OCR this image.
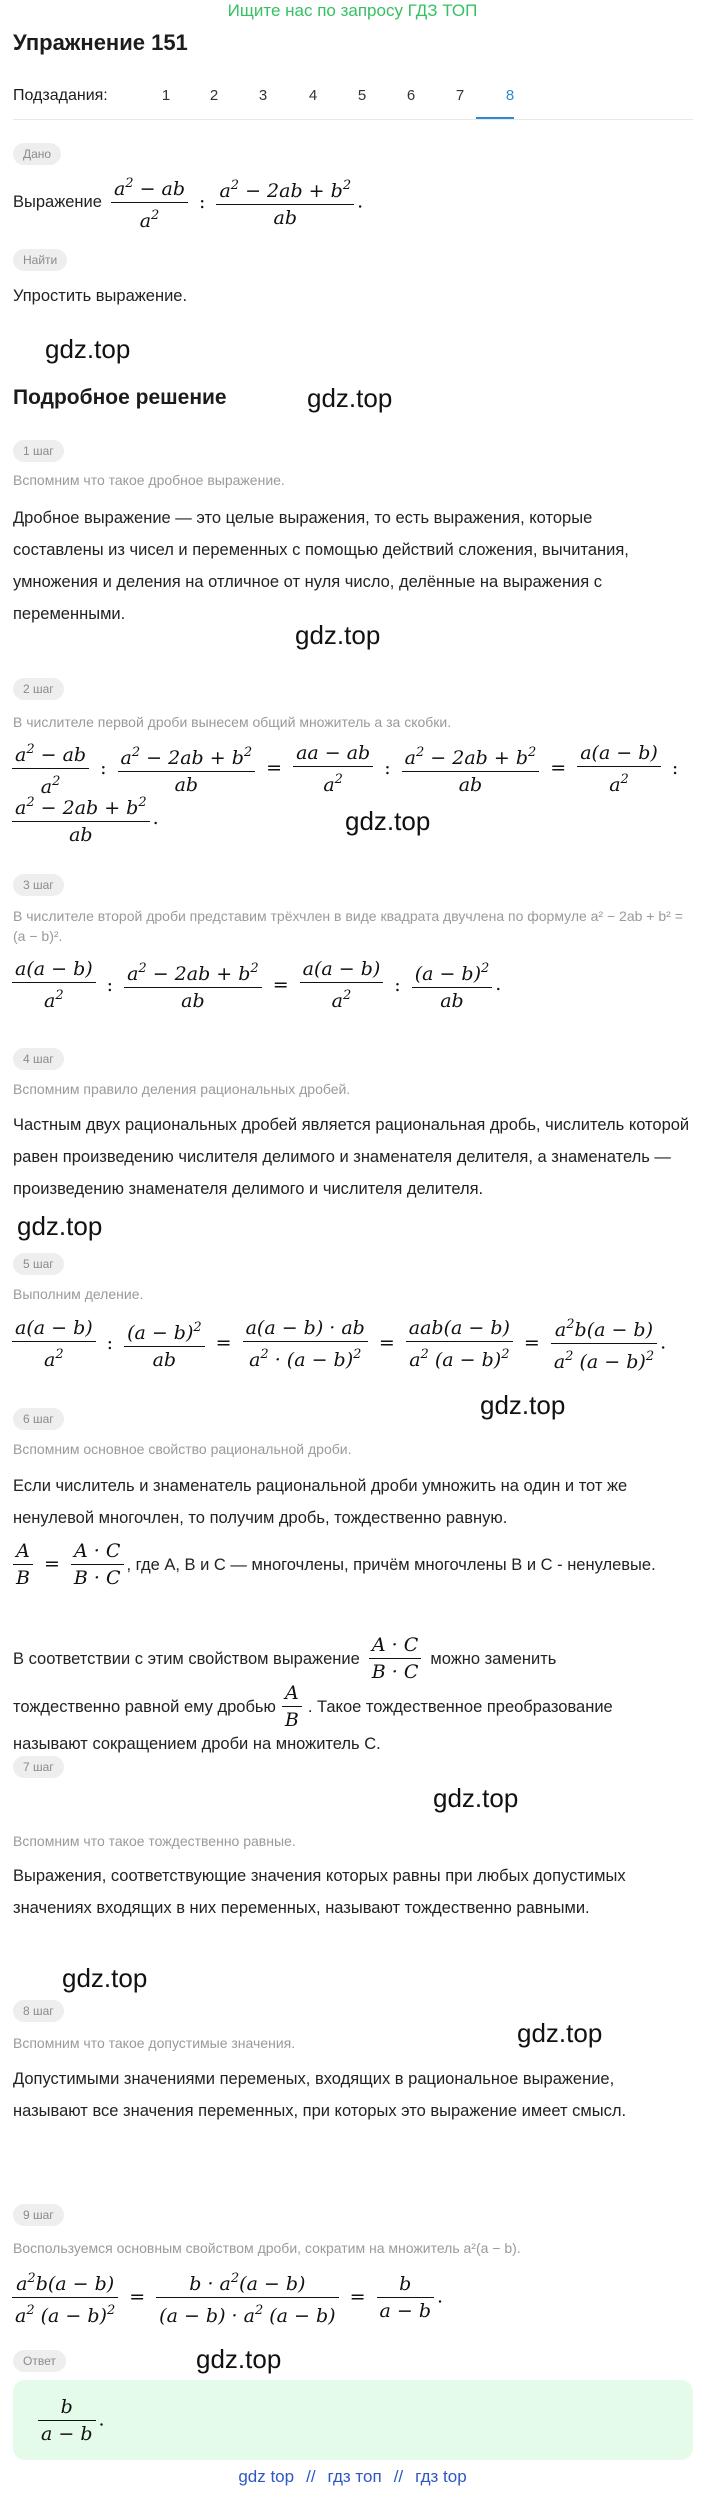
Ищите нас по запросу ГДЗ ТОП
Упражнение 151
Подзадания:	1	2	3	4	5	6	7	8
Дано
Выражение $\frac{a^2 - ab}{a^2}$ : $\frac{a^2 - 2ab + b^2}{ab}$ .
Найти
Упростить выражение.
gdz.top
Подробное решение	gdz.top
1 шаг
Вспомним что такое дробное выражение.
Дробное выражение — это целые выражения, то есть выражения, которые составлены из чисел и переменных с помощью действий сложения, вычитания, умножения и деления на отличное от нуля число, делённые на выражения с переменными.
gdz.top
2 шаг
В числителе первой дроби вынесем общий множитель a за скобки.
$\frac{a^2 - ab}{a^2}$ : $\frac{a^2 - 2ab + b^2}{ab} = \frac{aa - ab}{a^2}$ : $\frac{a^2 - 2ab + b^2}{ab} = \frac{a(a - b)}{a^2}$ :
$\frac{a^2 - 2ab + b^2}{ab}$ .	gdz.top
3 шаг
В числителе второй дроби представим трёхчлен в виде квадрата двучлена по формуле a² − 2ab + b² = (a − b)².
$\frac{a(a - b)}{a^2}$ : $\frac{a^2 - 2ab + b^2}{ab} = \frac{a(a - b)}{a^2}$ : $\frac{(a - b)^2}{ab}$ .
4 шаг
Вспомним правило деления рациональных дробей.
Частным двух рациональных дробей является рациональная дробь, числитель которой равен произведению числителя делимого и знаменателя делителя, а знаменатель — произведению знаменателя делимого и числителя делителя.
gdz.top
5 шаг
Выполним деление.
$\frac{a(a - b)}{a^2}$ : $\frac{(a - b)^2}{ab} = \frac{a(a - b) \cdot ab}{a^2 \cdot (a - b)^2} = \frac{\text{aab(a − b)}}{a^2 (a - b)^2} = \frac{a^2b(a - b)}{a^2 (a - b)^2}$ .
gdz.top
6 шаг
Вспомним основное свойство рациональной дроби.
Если числитель и знаменатель рациональной дроби умножить на один и тот же ненулевой многочлен, то получим дробь, тождественно равную.
$\frac{A}{B} = \frac{A \cdot C}{B \cdot C}$ , где A, B и C — многочлены, причём многочлены B и C - ненулевые.
В соответствии с этим свойством выражение $\frac{A \cdot C}{B \cdot C}$ можно заменить
тождественно равной ему дробью $\frac{A}{B}$ . Такое тождественное преобразование
называют сокращением дроби на множитель C.
gdz.top
7 шаг
Вспомним что такое тождественно равные.
Выражения, соответствующие значения которых равны при любых допустимых значениях входящих в них переменных, называют тождественно равными.
gdz.top
8 шаг
gdz.top
Вспомним что такое допустимые значения.
Допустимыми значениями переменых, входящих в рациональное выражение, называют все значения переменных, при которых это выражение имеет смысл.
9 шаг
Воспользуемся основным свойством дроби, сократим на множитель a²(a − b).
$\frac{a^2b(a - b)}{a^2 (a - b)^2} = \frac{b \cdot a^2(a - b)}{(a - b) \cdot a^2 (a - b)} = \frac{b}{a - b}$ .
Ответ	gdz.top
$\frac{b}{a - b}$ .
gdz top // гдз топ // гдз top
